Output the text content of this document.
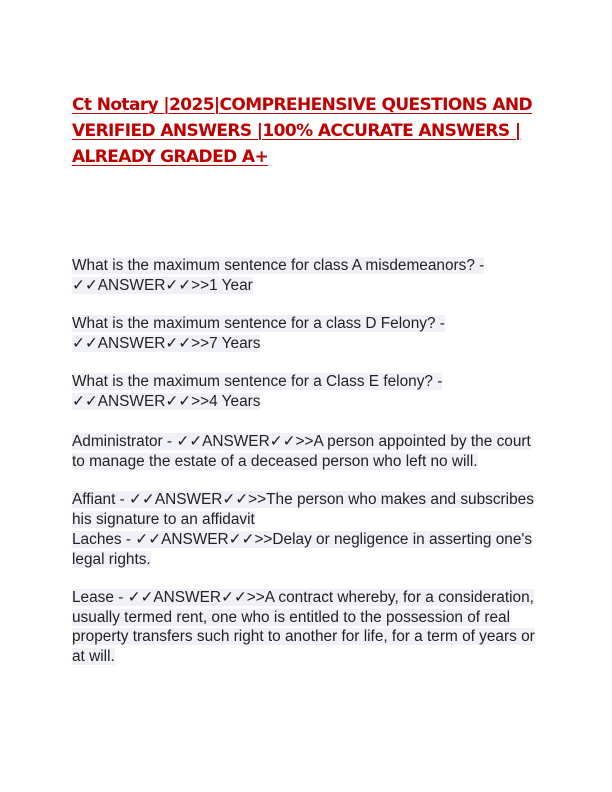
Ct Notary |2025|COMPREHENSIVE QUESTIONS AND VERIFIED ANSWERS |100% ACCURATE ANSWERS | ALREADY GRADED A+

What is the maximum sentence for class A misdemeanors? - ✓✓ANSWER✓✓>>1 Year

What is the maximum sentence for a class D Felony? - ✓✓ANSWER✓✓>>7 Years

What is the maximum sentence for a Class E felony? - ✓✓ANSWER✓✓>>4 Years

Administrator - ✓✓ANSWER✓✓>>A person appointed by the court to manage the estate of a deceased person who left no will.

Affiant - ✓✓ANSWER✓✓>>The person who makes and subscribes his signature to an affidavit

Laches - ✓✓ANSWER✓✓>>Delay or negligence in asserting one's legal rights.

Lease - ✓✓ANSWER✓✓>>A contract whereby, for a consideration, usually termed rent, one who is entitled to the possession of real property transfers such right to another for life, for a term of years or at will.
